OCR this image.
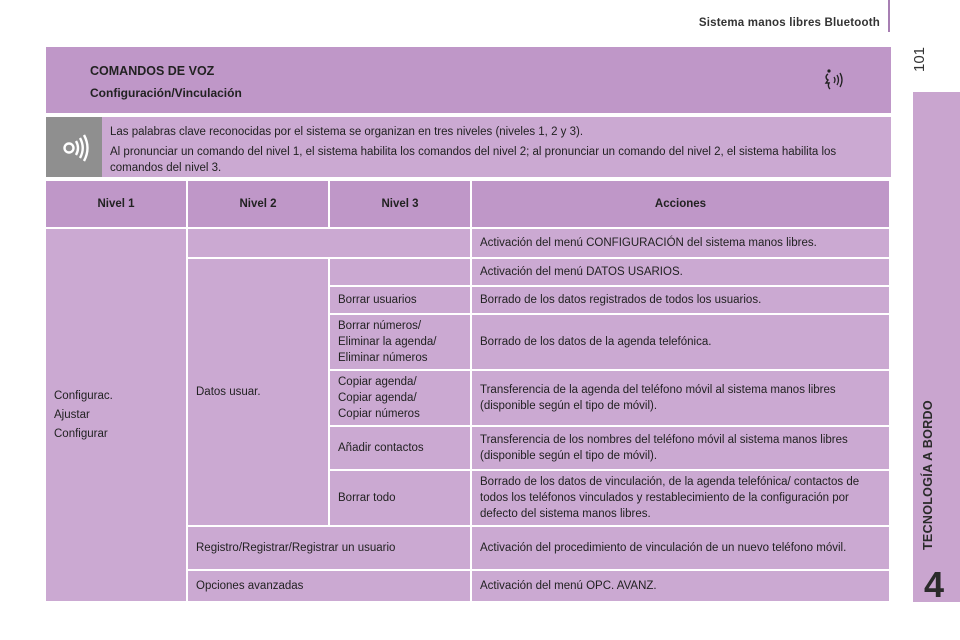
Sistema manos libres Bluetooth
101
TECNOLOGÍA A BORDO
4
COMANDOS DE VOZ
Configuración/Vinculación

Las palabras clave reconocidas por el sistema se organizan en tres niveles (niveles 1, 2 y 3).

Al pronunciar un comando del nivel 1, el sistema habilita los comandos del nivel 2; al pronunciar un comando del nivel 2, el sistema habilita los comandos del nivel 3.

Nivel 1	Nivel 2	Nivel 3	Acciones

Configurac.
Ajustar
Configurar			Activación del menú CONFIGURACIÓN del sistema manos libres.
	Datos usuar.		Activación del menú DATOS USARIOS.
		Borrar usuarios	Borrado de los datos registrados de todos los usuarios.
		Borrar números/
Eliminar la agenda/
Eliminar números	Borrado de los datos de la agenda telefónica.
		Copiar agenda/
Copiar agenda/
Copiar números	Transferencia de la agenda del teléfono móvil al sistema manos libres (disponible según el tipo de móvil).
		Añadir contactos	Transferencia de los nombres del teléfono móvil al sistema manos libres (disponible según el tipo de móvil).
		Borrar todo	Borrado de los datos de vinculación, de la agenda telefónica/ contactos de todos los teléfonos vinculados y restablecimiento de la configuración por defecto del sistema manos libres.
	Registro/Registrar/Registrar un usuario		Activación del procedimiento de vinculación de un nuevo teléfono móvil.
	Opciones avanzadas		Activación del menú OPC. AVANZ.
